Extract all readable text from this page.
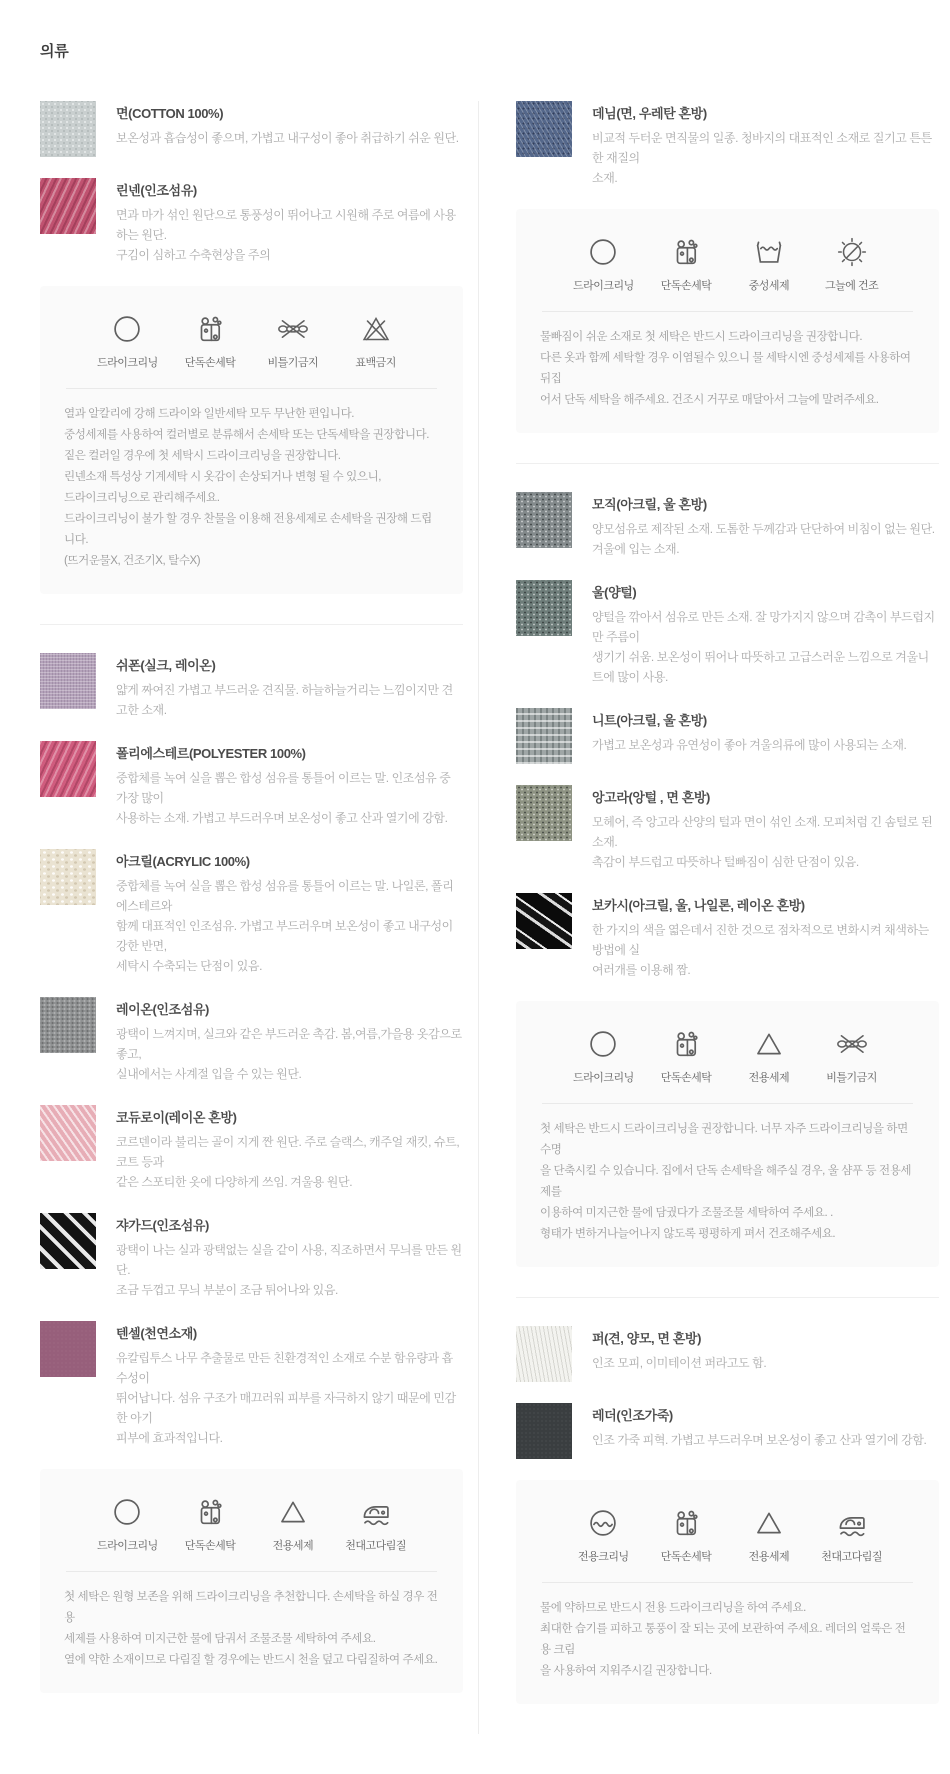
의류
면(COTTON 100%)
보온성과 흡습성이 좋으며, 가볍고 내구성이 좋아 취급하기 쉬운 원단.
린넨(인조섬유)
면과 마가 섞인 원단으로 통풍성이 뛰어나고 시원해 주로 여름에 사용하는 원단.
구김이 심하고 수축현상을 주의
드라이크리닝 단독손세탁	비틀기금지	표백금지
열과 알칼리에 강해 드라이와 일반세탁 모두 무난한 편입니다.
중성세제를 사용하여 컬러별로 분류해서 손세탁 또는 단독세탁을 권장합니다.
짙은 컬러일 경우에 첫 세탁시 드라이크리닝을 권장합니다.
린넨소재 특성상 기계세탁 시 옷감이 손상되거나 변형 될 수 있으니,
드라이크리닝으로 관리해주세요.
드라이크리닝이 불가 할 경우 찬물을 이용해 전용세제로 손세탁을 권장해 드립니다.
(뜨거운물X, 건조기X, 탈수X)
쉬폰(실크, 레이온)
얇게 짜여진 가볍고 부드러운 견직물. 하늘하늘거리는 느낌이지만 견고한 소재.
폴리에스테르(POLYESTER 100%)
중합체를 녹여 실을 뽑은 합성 섬유를 통틀어 이르는 말. 인조섬유 중 가장 많이
사용하는 소재. 가볍고 부드러우며 보온성이 좋고 산과 열기에 강함.
아크릴(ACRYLIC 100%)
중합체를 녹여 실을 뽑은 합성 섬유를 통틀어 이르는 말. 나일론, 폴리에스테르와
함께 대표적인 인조섬유. 가볍고 부드러우며 보온성이 좋고 내구성이 강한 반면,
세탁시 수축되는 단점이 있음.
레이온(인조섬유)
광택이 느껴지며, 실크와 같은 부드러운 촉감. 봄,여름,가을용 옷감으로 좋고,
실내에서는 사계절 입을 수 있는 원단.
코듀로이(레이온 혼방)
코르덴이라 불리는 골이 지게 짠 원단. 주로 슬랙스, 캐주얼 재킷, 슈트, 코트 등과
같은 스포티한 옷에 다양하게 쓰임. 겨울용 원단.
쟈가드(인조섬유)
광택이 나는 실과 광택없는 실을 같이 사용, 직조하면서 무늬를 만든 원단.
조금 두껍고 무늬 부분이 조금 튀어나와 있음.
텐셀(천연소재)
유칼립투스 나무 추출물로 만든 친환경적인 소재로 수분 함유량과 흡수성이
뛰어납니다. 섬유 구조가 매끄러워 피부를 자극하지 않기 때문에 민감한 아기
피부에 효과적입니다.
드라이크리닝 단독손세탁	전용세제	천대고다림질
첫 세탁은 원형 보존을 위해 드라이크리닝을 추천합니다. 손세탁을 하실 경우 전용
세제를 사용하여 미지근한 물에 담궈서 조물조물 세탁하여 주세요.
열에 약한 소재이므로 다림질 할 경우에는 반드시 천을 덮고 다림질하여 주세요.
데님(면, 우레탄 혼방)
비교적 두터운 면직물의 일종. 청바지의 대표적인 소재로 질기고 튼튼한 재질의
소재.
드라이크리닝 단독손세탁	중성세제	그늘에 건조
물빠짐이 쉬운 소재로 첫 세탁은 반드시 드라이크리닝을 권장합니다.
다른 옷과 함께 세탁할 경우 이염될수 있으니 물 세탁시엔 중성세제를 사용하여 뒤집
어서 단독 세탁을 해주세요. 건조시 거꾸로 매달아서 그늘에 말려주세요.
모직(아크릴, 울 혼방)
양모섬유로 제작된 소재. 도톰한 두께감과 단단하여 비침이 없는 원단.
겨울에 입는 소재.
울(양털)
양털을 깎아서 섬유로 만든 소재. 잘 망가지지 않으며 감촉이 부드럽지만 주름이
생기기 쉬움. 보온성이 뛰어나 따뜻하고 고급스러운 느낌으로 겨울니트에 많이 사용.
니트(아크릴, 울 혼방)
가볍고 보온성과 유연성이 좋아 겨울의류에 많이 사용되는 소재.
앙고라(앙털 , 면 혼방)
모헤어, 즉 앙고라 산양의 털과 면이 섞인 소재. 모피처럼 긴 솜털로 된 소재.
촉감이 부드럽고 따뜻하나 털빠짐이 심한 단점이 있음.
보카시(아크릴, 울, 나일론, 레이온 혼방)
한 가지의 색을 엷은데서 진한 것으로 점차적으로 변화시켜 채색하는 방법에 실
여러개를 이용해 짬.
드라이크리닝 단독손세탁	전용세제	비틀기금지
첫 세탁은 반드시 드라이크리닝을 권장합니다. 너무 자주 드라이크리닝을 하면 수명
을 단축시킬 수 있습니다. 집에서 단독 손세탁을 해주실 경우, 울 샴푸 등 전용세제를
이용하여 미지근한 물에 담궜다가 조물조물 세탁하여 주세요. .
형태가 변하거나늘어나지 않도록 평평하게 펴서 건조해주세요.
퍼(견, 양모, 면 혼방)
인조 모피, 이미테이션 퍼라고도 함.
레더(인조가죽)
인조 가죽 피혁. 가볍고 부드러우며 보온성이 좋고 산과 열기에 강함.
전용크리닝	단독손세탁	전용세제	천대고다림질
물에 약하므로 반드시 전용 드라이크리닝을 하여 주세요.
최대한 습기를 피하고 통풍이 잘 되는 곳에 보관하여 주세요. 레더의 얼룩은 전용 크림
을 사용하여 지워주시길 권장합니다.
